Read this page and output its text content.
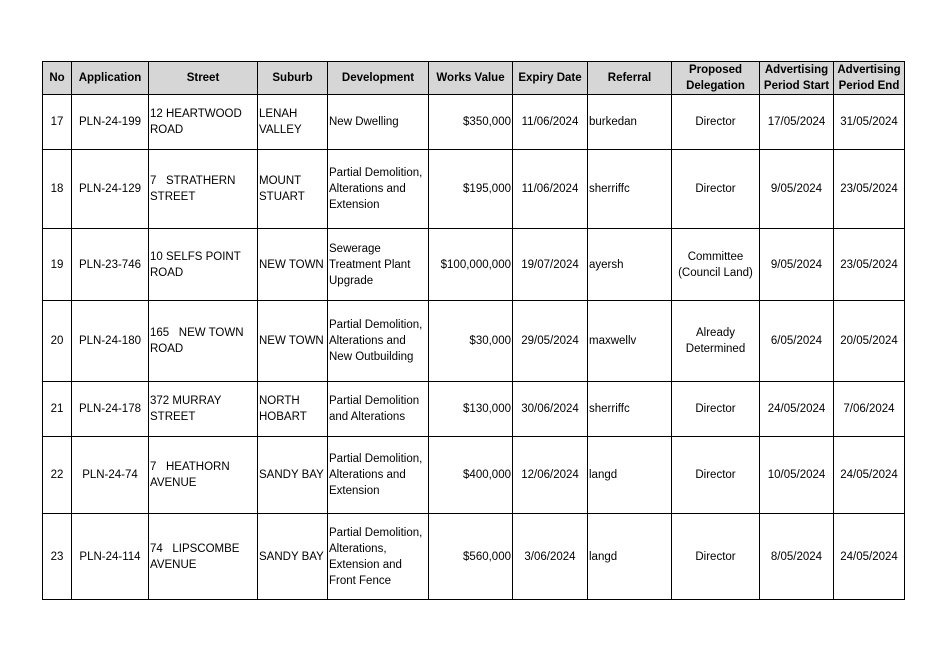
No	Application	Street	Suburb	Development	Works Value	Expiry Date	Referral	Proposed Delegation	Advertising Period Start	Advertising Period End
17	PLN-24-199	12 HEARTWOOD ROAD	LENAH VALLEY	New Dwelling	$350,000	11/06/2024	burkedan	Director	17/05/2024	31/05/2024
18	PLN-24-129	7   STRATHERN STREET	MOUNT STUART	Partial Demolition, Alterations and Extension	$195,000	11/06/2024	sherriffc	Director	9/05/2024	23/05/2024
19	PLN-23-746	10 SELFS POINT ROAD	NEW TOWN	Sewerage Treatment Plant Upgrade	$100,000,000	19/07/2024	ayersh	Committee (Council Land)	9/05/2024	23/05/2024
20	PLN-24-180	165   NEW TOWN ROAD	NEW TOWN	Partial Demolition, Alterations and New Outbuilding	$30,000	29/05/2024	maxwellv	Already Determined	6/05/2024	20/05/2024
21	PLN-24-178	372 MURRAY STREET	NORTH HOBART	Partial Demolition and Alterations	$130,000	30/06/2024	sherriffc	Director	24/05/2024	7/06/2024
22	PLN-24-74	7   HEATHORN AVENUE	SANDY BAY	Partial Demolition, Alterations and Extension	$400,000	12/06/2024	langd	Director	10/05/2024	24/05/2024
23	PLN-24-114	74   LIPSCOMBE AVENUE	SANDY BAY	Partial Demolition, Alterations, Extension and Front Fence	$560,000	3/06/2024	langd	Director	8/05/2024	24/05/2024
